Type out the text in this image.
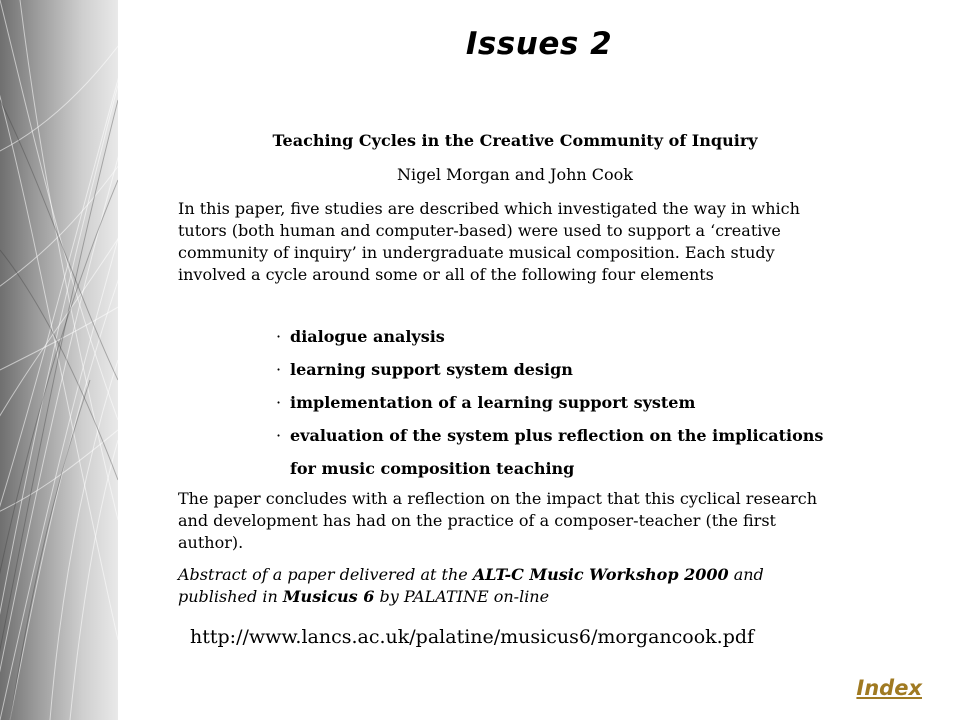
Issues 2
Teaching Cycles in the Creative Community of Inquiry
Nigel Morgan and John Cook
In this paper, five studies are described which investigated the way in which tutors (both human and computer-based) were used to support a ‘creative community of inquiry’ in undergraduate musical composition. Each study involved a cycle around some or all of the following four elements
· dialogue analysis
· learning support system design
· implementation of a learning support system
· evaluation of the system plus reflection on the implications for music composition teaching
The paper concludes with a reflection on the impact that this cyclical research and development has had on the practice of a composer-teacher (the first author).
Abstract of a paper delivered at the ALT-C Music Workshop 2000 and published in Musicus 6 by PALATINE on-line
http://www.lancs.ac.uk/palatine/musicus6/morgancook.pdf
Index
